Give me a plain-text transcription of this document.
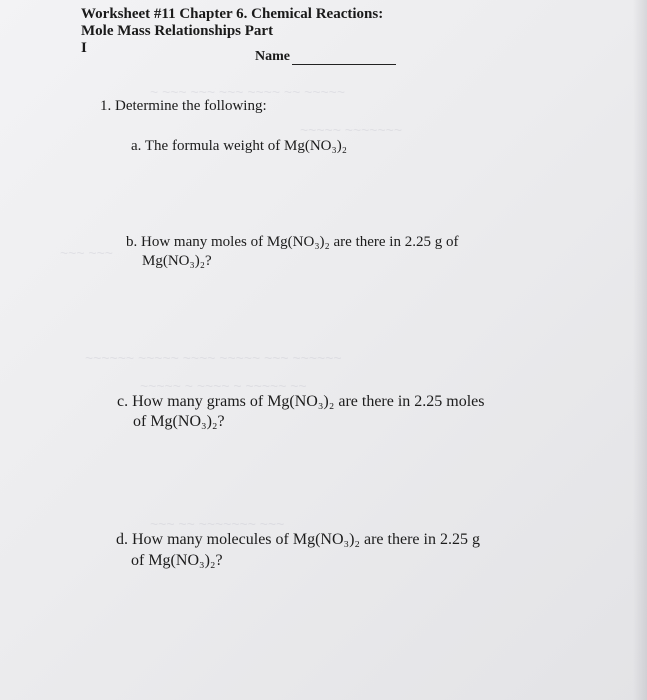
~ ~~~ ~~~ ~~~ ~~~~ ~~ ~~~~~
~~~~~ ~~~~~~~
~~~ ~~~
~~~~~~ ~~~~~ ~~~~ ~~~~~ ~~~ ~~~~~~
~~~~~ ~ ~~~~ ~ ~~~~~ ~~
~~~ ~~ ~~~~~~~ ~~~
Worksheet #11 Chapter 6. Chemical Reactions:
Mole Mass Relationships Part
I
Name
1. Determine the following:
a. The formula weight of Mg(NO₃)₂
b. How many moles of Mg(NO₃)₂ are there in 2.25 g of
Mg(NO₃)₂?
c. How many grams of Mg(NO₃)₂ are there in 2.25 moles
of Mg(NO₃)₂?
d. How many molecules of Mg(NO₃)₂ are there in 2.25 g
of Mg(NO₃)₂?
